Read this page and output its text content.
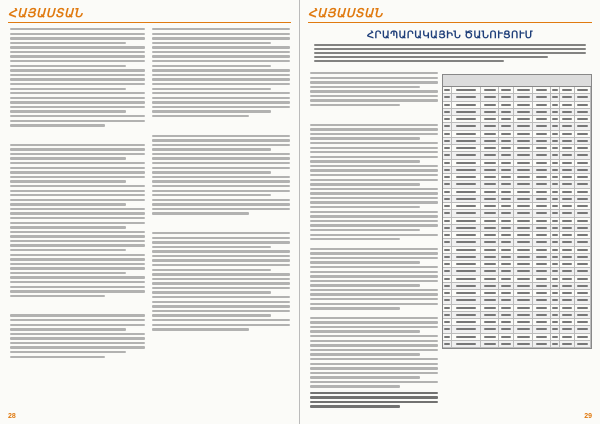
ՀԱՅԱՍՏԱՆ
28
ՀԱՅԱՍՏԱՆ
ՀՐԱՊԱՐԱԿԱՅԻՆ ԾԱՆՈՒՑՈՒՄ
29
